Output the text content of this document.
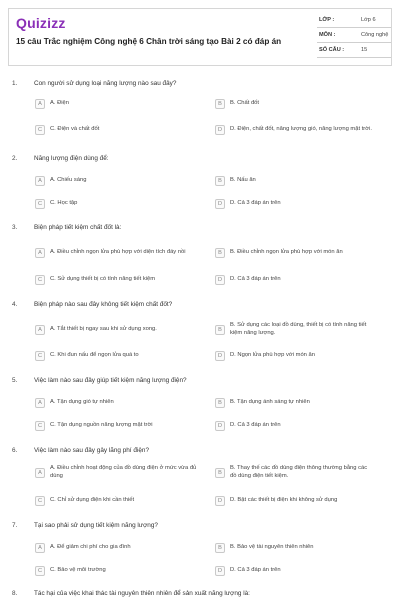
Quizizz
15 câu Trắc nghiệm Công nghệ 6 Chân trời sáng tạo Bài 2 có đáp án
LỚP :	Lớp 6
MÔN :	Công nghệ
SỐ CÂU :	15
1.	Con người sử dụng loại năng lượng nào sau đây?
A	A. Điện	B	B. Chất đốt
C	C. Điện và chất đốt	D	D. Điện, chất đốt, năng lượng gió, năng lượng mặt trời.
2.	Năng lượng điện dùng để:
A	A. Chiếu sáng	B	B. Nấu ăn
C	C. Học tập	D	D. Cả 3 đáp án trên
3.	Biện pháp tiết kiệm chất đốt là:
A	A. Điều chỉnh ngọn lửa phù hợp với diện tích đáy nồi	B	B. Điều chỉnh ngọn lửa phù hợp với món ăn
C	C. Sử dụng thiết bị có tính năng tiết kiệm	D	D. Cả 3 đáp án trên
4.	Biện pháp nào sau đây không tiết kiệm chất đốt?
A	A. Tắt thiết bị ngay sau khi sử dụng xong.	B
B. Sử dụng các loại đồ dùng, thiết bị có tính năng tiết kiệm năng lượng.
C	C. Khi đun nấu để ngọn lửa quá to	D	D. Ngọn lửa phù hợp với món ăn
5.	Việc làm nào sau đây giúp tiết kiệm năng lượng điện?
A	A. Tận dụng gió tự nhiên	B	B. Tận dụng ánh sáng tự nhiên
C	C. Tận dụng nguồn năng lượng mặt trời	D	D. Cả 3 đáp án trên
6.	Việc làm nào sau đây gây lãng phí điện?
A
A. Điều chỉnh hoạt động của đồ dùng điện ở mức vừa đủ dùng	B
B. Thay thế các đồ dùng điện thông thường bằng các đồ dùng điện tiết kiệm.
C	C. Chỉ sử dụng điện khi cần thiết	D	D. Bật các thiết bị điện khi không sử dụng
7.	Tại sao phải sử dụng tiết kiệm năng lượng?
A	A. Để giảm chi phí cho gia đình	B	B. Bảo vệ tài nguyên thiên nhiên
C	C. Bảo vệ môi trường	D	D. Cả 3 đáp án trên
8.	Tác hại của việc khai thác tài nguyên thiên nhiên để sản xuất năng lượng là:
